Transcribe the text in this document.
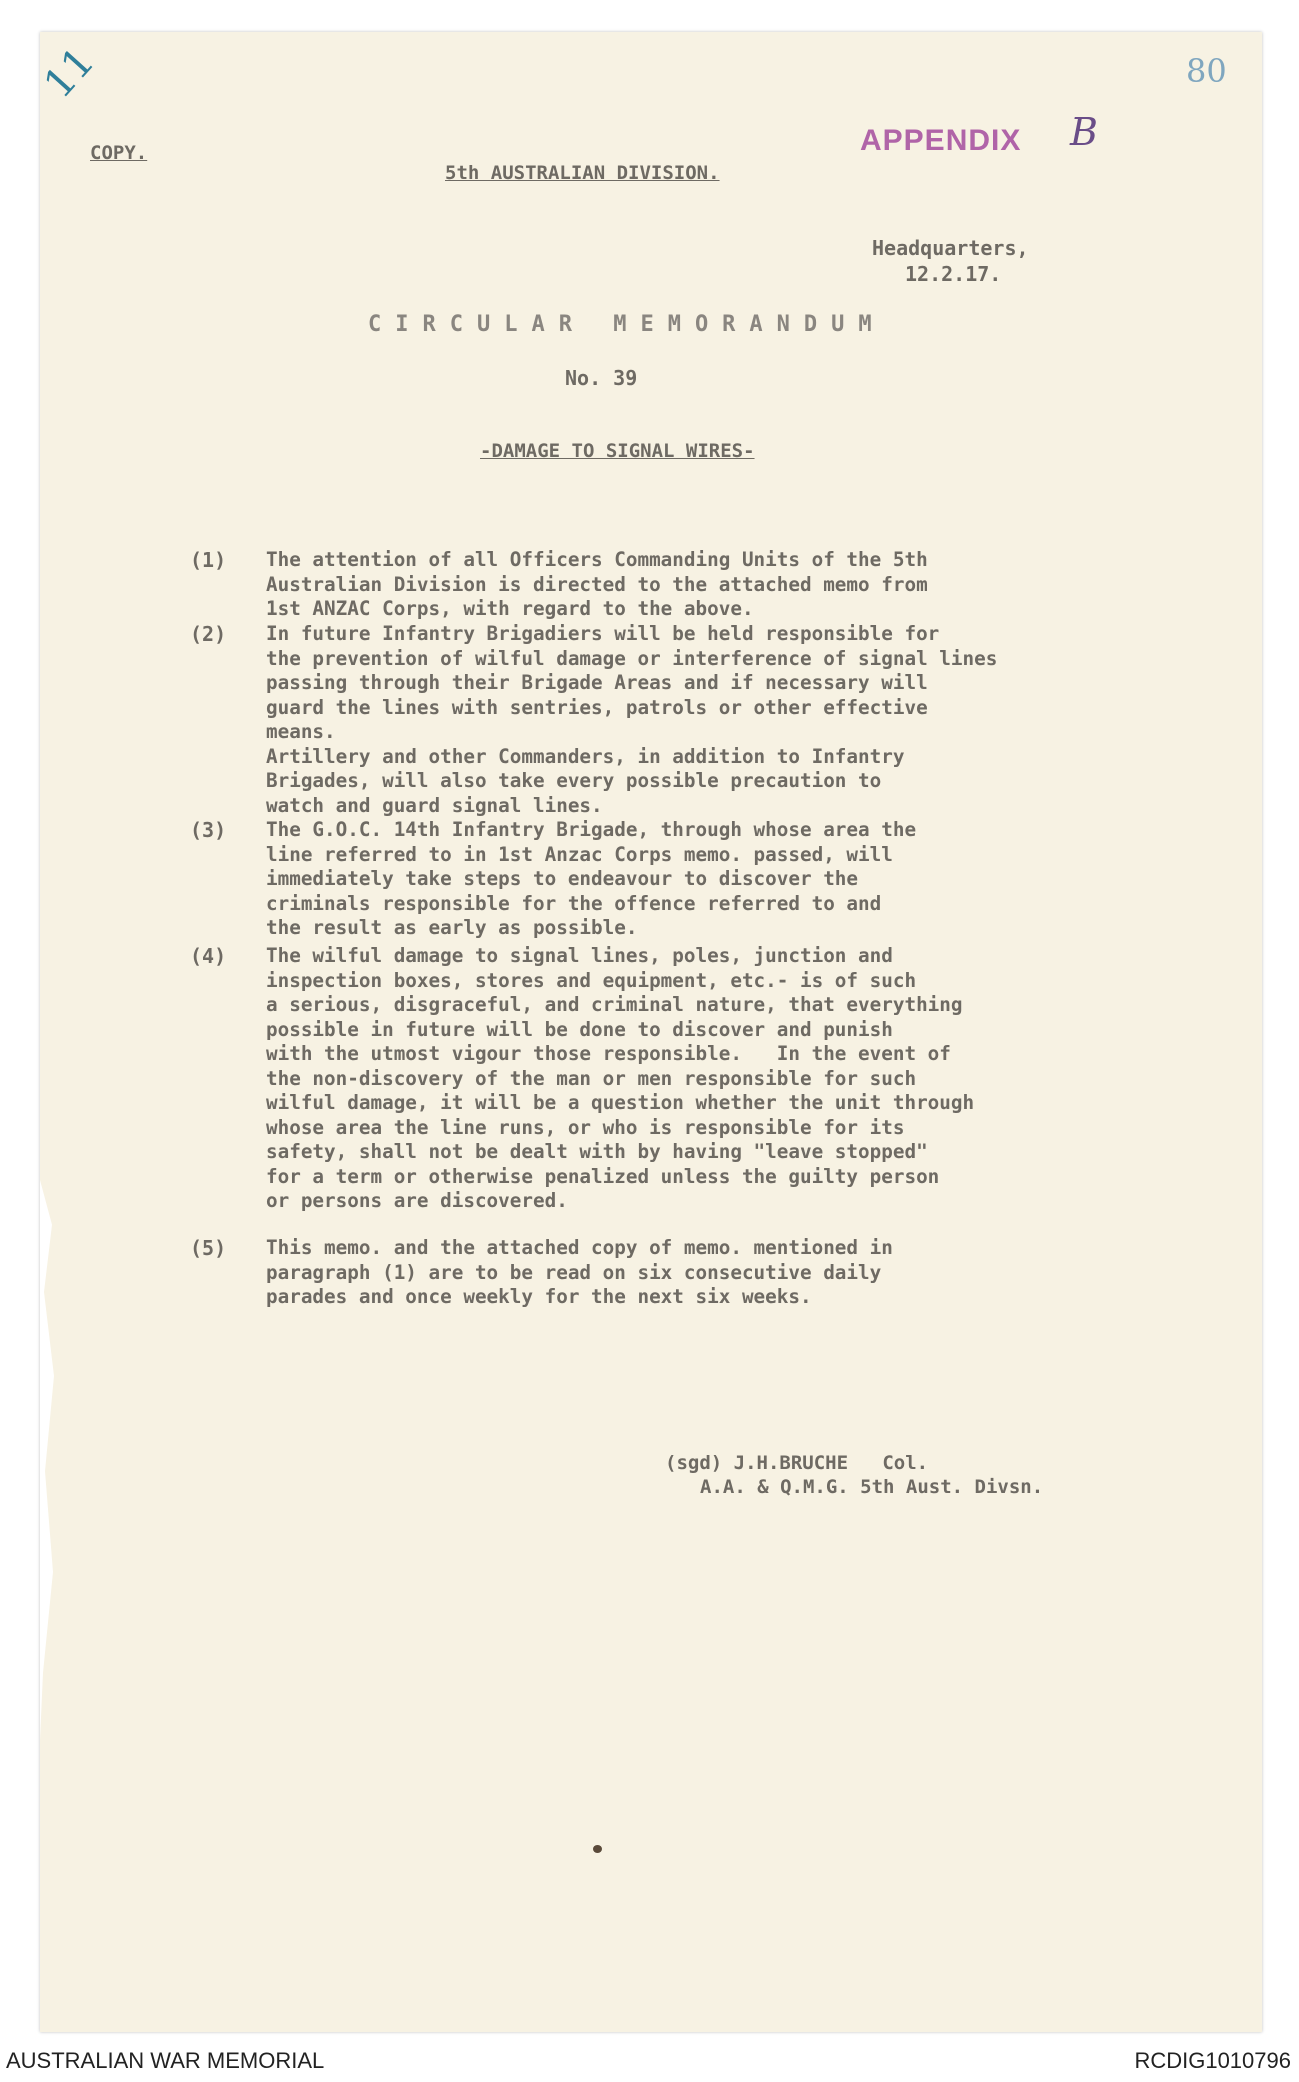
11	80
APPENDIX B
COPY.
5th AUSTRALIAN DIVISION.
Headquarters,
12.2.17.
CIRCULAR MEMORANDUM
No. 39
-DAMAGE TO SIGNAL WIRES-
(1) The attention of all Officers Commanding Units of the 5th
Australian Division is directed to the attached memo from
1st ANZAC Corps, with regard to the above.
(2) In future Infantry Brigadiers will be held responsible for
the prevention of wilful damage or interference of signal lines
passing through their Brigade Areas and if necessary will
guard the lines with sentries, patrols or other effective
means.
Artillery and other Commanders, in addition to Infantry
Brigades, will also take every possible precaution to
watch and guard signal lines.
(3) The G.O.C. 14th Infantry Brigade, through whose area the
line referred to in 1st Anzac Corps memo. passed, will
immediately take steps to endeavour to discover the
criminals responsible for the offence referred to and
the result as early as possible.
(4) The wilful damage to signal lines, poles, junction and
inspection boxes, stores and equipment, etc.- is of such
a serious, disgraceful, and criminal nature, that everything
possible in future will be done to discover and punish
with the utmost vigour those responsible.   In the event of
the non-discovery of the man or men responsible for such
wilful damage, it will be a question whether the unit through
whose area the line runs, or who is responsible for its
safety, shall not be dealt with by having "leave stopped"
for a term or otherwise penalized unless the guilty person
or persons are discovered.
(5) This memo. and the attached copy of memo. mentioned in
paragraph (1) are to be read on six consecutive daily
parades and once weekly for the next six weeks.
(sgd) J.H.BRUCHE   Col.
A.A. & Q.M.G. 5th Aust. Divsn.
AUSTRALIAN WAR MEMORIAL	RCDIG1010796
